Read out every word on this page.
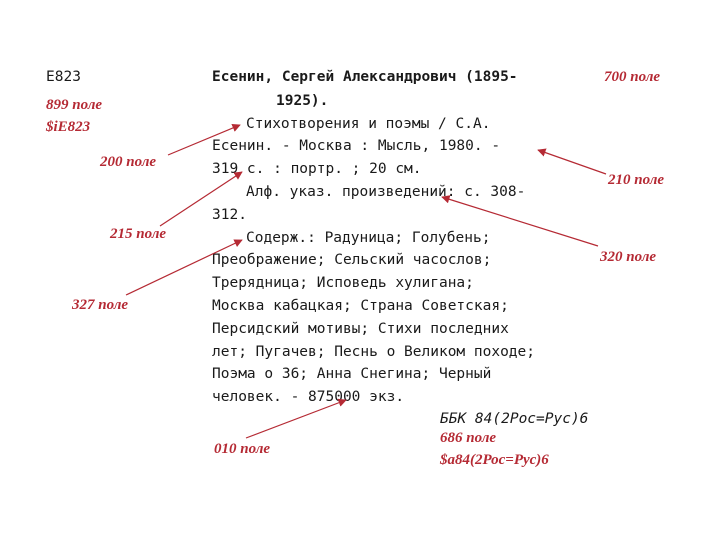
Е823	Есенин, Сергей Александрович (1895-
1925).
Стихотворения и поэмы / С.А.
Есенин. - Москва : Мысль, 1980. -
319 с. : портр. ; 20 см.
Алф. указ. произведений: с. 308-
312.
Содерж.: Радуница; Голубень;
Преображение; Сельский часослов;
Трерядница; Исповедь хулигана;
Москва кабацкая; Страна Советская;
Персидский мотивы; Стихи последних
лет; Пугачев; Песнь о Великом походе;
Поэма о 36; Анна Снегина; Черный
человек. - 875000 экз.
ББК 84(2Рос=Рус)6
899 поле
$iЕ823
700 поле
200 поле
210 поле
215 поле
320 поле
327 поле
010 поле
686 поле
$a84(2Рос=Рус)6
